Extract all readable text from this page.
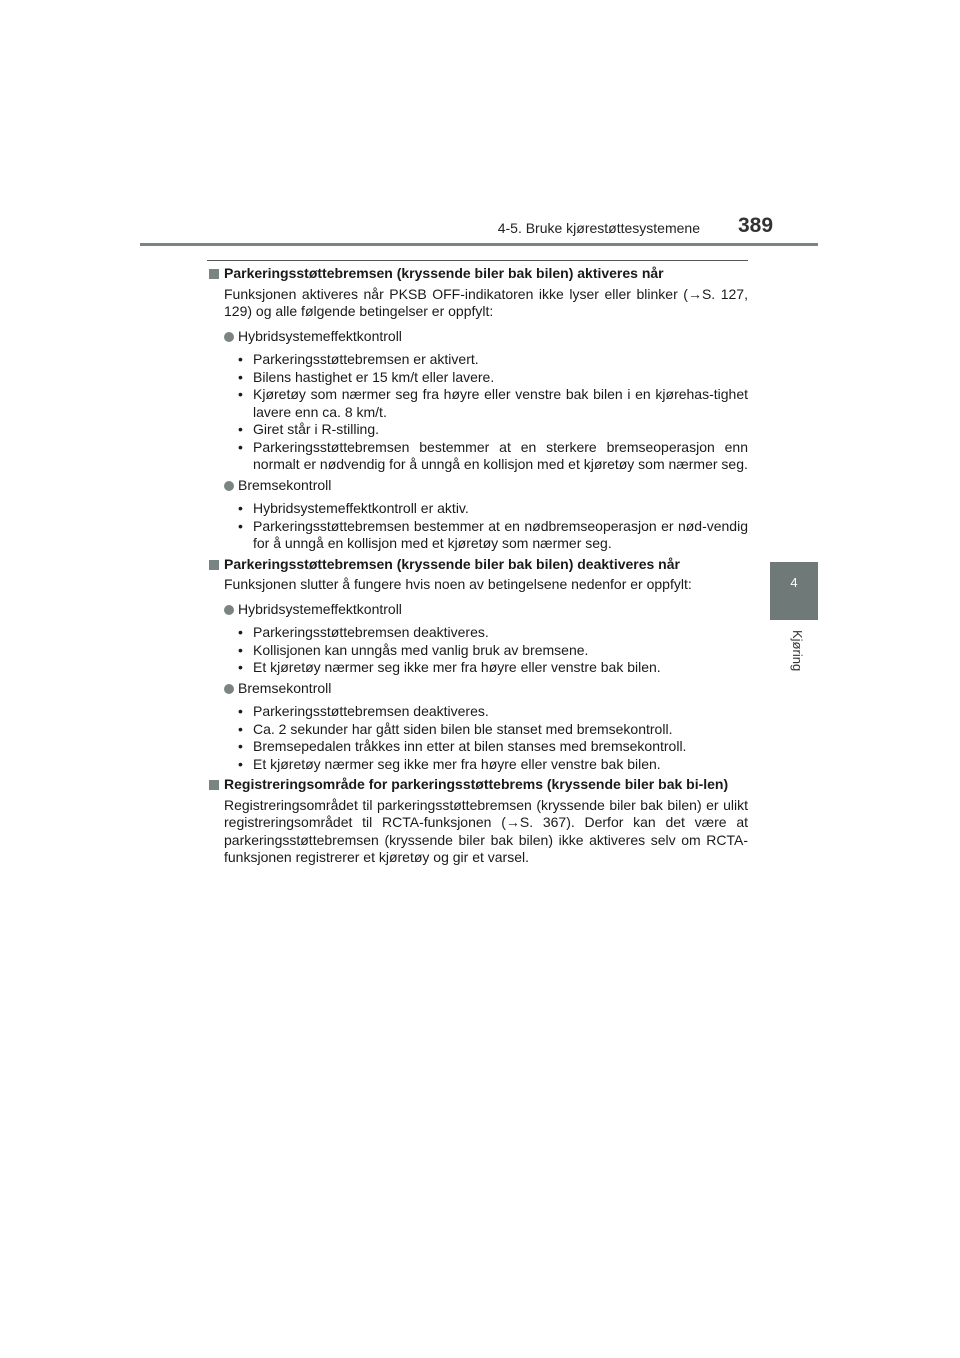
4-5. Bruke kjørestøttesystemene 389
4
Kjøring
Parkeringsstøttebremsen (kryssende biler bak bilen) aktiveres når
Funksjonen aktiveres når PKSB OFF-indikatoren ikke lyser eller blinker (→S. 127, 129) og alle følgende betingelser er oppfylt:
Hybridsystemeffektkontroll
• Parkeringsstøttebremsen er aktivert.
• Bilens hastighet er 15 km/t eller lavere.
• Kjøretøy som nærmer seg fra høyre eller venstre bak bilen i en kjørehas-tighet lavere enn ca. 8 km/t.
• Giret står i R-stilling.
• Parkeringsstøttebremsen bestemmer at en sterkere bremseoperasjon enn normalt er nødvendig for å unngå en kollisjon med et kjøretøy som nærmer seg.
Bremsekontroll
• Hybridsystemeffektkontroll er aktiv.
• Parkeringsstøttebremsen bestemmer at en nødbremseoperasjon er nød-vendig for å unngå en kollisjon med et kjøretøy som nærmer seg.
Parkeringsstøttebremsen (kryssende biler bak bilen) deaktiveres når
Funksjonen slutter å fungere hvis noen av betingelsene nedenfor er oppfylt:
Hybridsystemeffektkontroll
• Parkeringsstøttebremsen deaktiveres.
• Kollisjonen kan unngås med vanlig bruk av bremsene.
• Et kjøretøy nærmer seg ikke mer fra høyre eller venstre bak bilen.
Bremsekontroll
• Parkeringsstøttebremsen deaktiveres.
• Ca. 2 sekunder har gått siden bilen ble stanset med bremsekontroll.
• Bremsepedalen tråkkes inn etter at bilen stanses med bremsekontroll.
• Et kjøretøy nærmer seg ikke mer fra høyre eller venstre bak bilen.
Registreringsområde for parkeringsstøttebrems (kryssende biler bak bi-len)
Registreringsområdet til parkeringsstøttebremsen (kryssende biler bak bilen) er ulikt registreringsområdet til RCTA-funksjonen (→S. 367). Derfor kan det være at parkeringsstøttebremsen (kryssende biler bak bilen) ikke aktiveres selv om RCTA-funksjonen registrerer et kjøretøy og gir et varsel.
